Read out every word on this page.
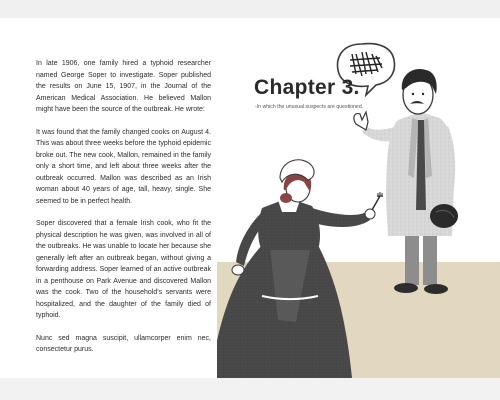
In late 1906, one family hired a typhoid researcher named George Soper to investigate. Soper published the results on June 15, 1907, in the Journal of the American Medical Association. He believed Mallon might have been the source of the outbreak. He wrote:

It was found that the family changed cooks on August 4. This was about three weeks before the typhoid epidemic broke out. The new cook, Mallon, remained in the family only a short time, and left about three weeks after the outbreak occurred. Mallon was described as an Irish woman about 40 years of age, tall, heavy, single. She seemed to be in perfect health.

Soper discovered that a female Irish cook, who fit the physical description he was given, was involved in all of the outbreaks. He was unable to locate her because she generally left after an outbreak began, without giving a forwarding address. Soper learned of an active outbreak in a penthouse on Park Avenue and discovered Mallon was the cook. Two of the household's servants were hospitalized, and the daughter of the family died of typhoid.

Nunc sed magna suscipit, ullamcorper enim nec, consectetur purus.

Chapter 3.
-In which the unusual suspects are questioned.
